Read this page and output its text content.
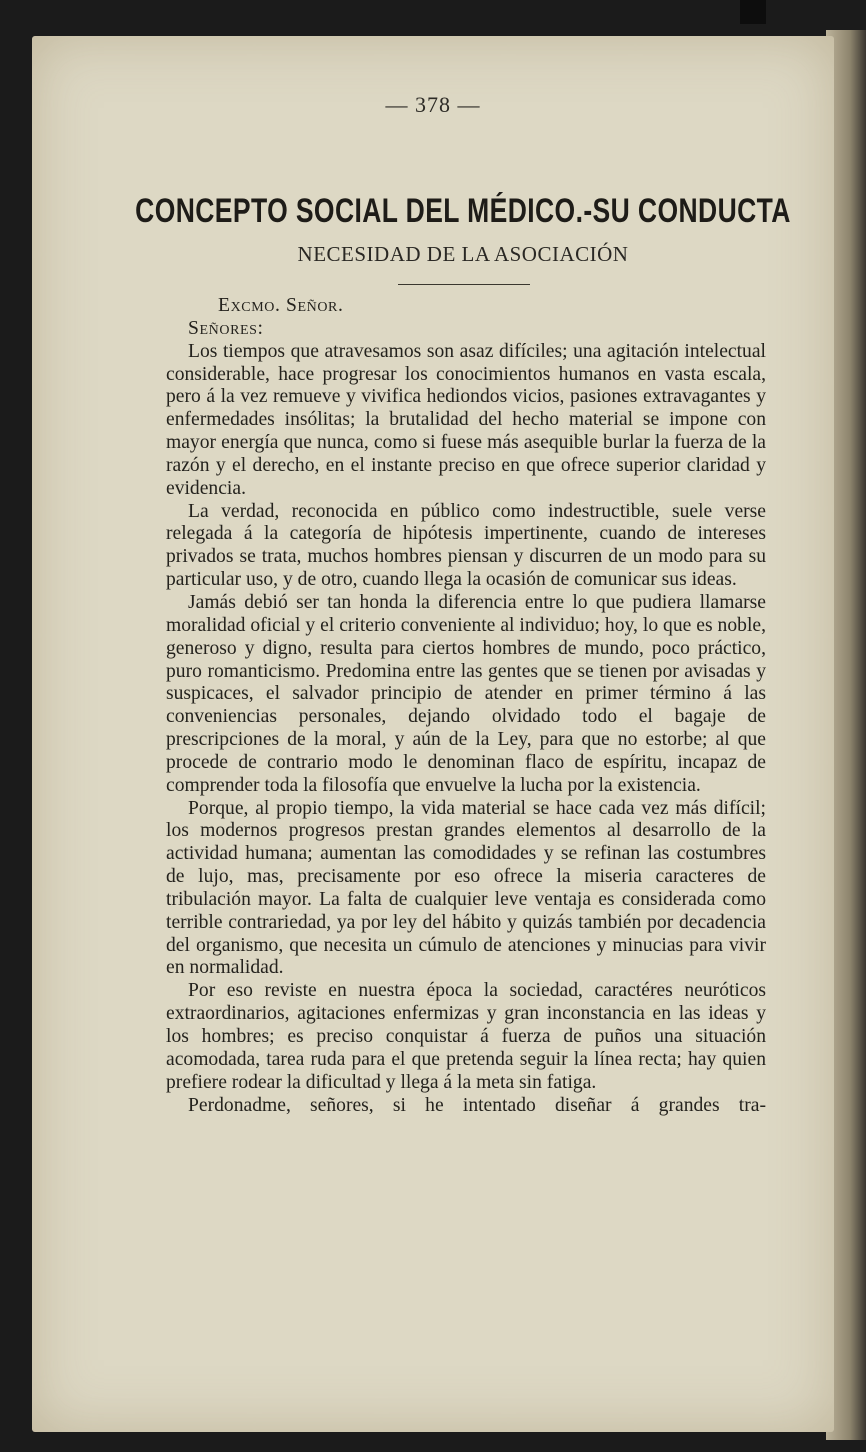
— 378 —
CONCEPTO SOCIAL DEL MÉDICO.-SU CONDUCTA
NECESIDAD DE LA ASOCIACIÓN

Excmo. Señor.

Señores:

Los tiempos que atravesamos son asaz difíciles; una agitación intelectual considerable, hace progresar los conocimientos humanos en vasta escala, pero á la vez remueve y vivifica hediondos vicios, pasiones extravagantes y enfermedades insólitas; la brutalidad del hecho material se impone con mayor energía que nunca, como si fuese más asequible burlar la fuerza de la razón y el derecho, en el instante preciso en que ofrece superior claridad y evidencia.

La verdad, reconocida en público como indestructible, suele verse relegada á la categoría de hipótesis impertinente, cuando de intereses privados se trata, muchos hombres piensan y discurren de un modo para su particular uso, y de otro, cuando llega la ocasión de comunicar sus ideas.

Jamás debió ser tan honda la diferencia entre lo que pudiera llamarse moralidad oficial y el criterio conveniente al individuo; hoy, lo que es noble, generoso y digno, resulta para ciertos hombres de mundo, poco práctico, puro romanticismo. Predomina entre las gentes que se tienen por avisadas y suspicaces, el salvador principio de atender en primer término á las conveniencias personales, dejando olvidado todo el bagaje de prescripciones de la moral, y aún de la Ley, para que no estorbe; al que procede de contrario modo le denominan flaco de espíritu, incapaz de comprender toda la filosofía que envuelve la lucha por la existencia.

Porque, al propio tiempo, la vida material se hace cada vez más difícil; los modernos progresos prestan grandes elementos al desarrollo de la actividad humana; aumentan las comodidades y se refinan las costumbres de lujo, mas, precisamente por eso ofrece la miseria caracteres de tribulación mayor. La falta de cualquier leve ventaja es considerada como terrible contrariedad, ya por ley del hábito y quizás también por decadencia del organismo, que necesita un cúmulo de atenciones y minucias para vivir en normalidad.

Por eso reviste en nuestra época la sociedad, caractéres neuróticos extraordinarios, agitaciones enfermizas y gran inconstancia en las ideas y los hombres; es preciso conquistar á fuerza de puños una situación acomodada, tarea ruda para el que pretenda seguir la línea recta; hay quien prefiere rodear la dificultad y llega á la meta sin fatiga.

Perdonadme, señores, si he intentado diseñar á grandes tra-
